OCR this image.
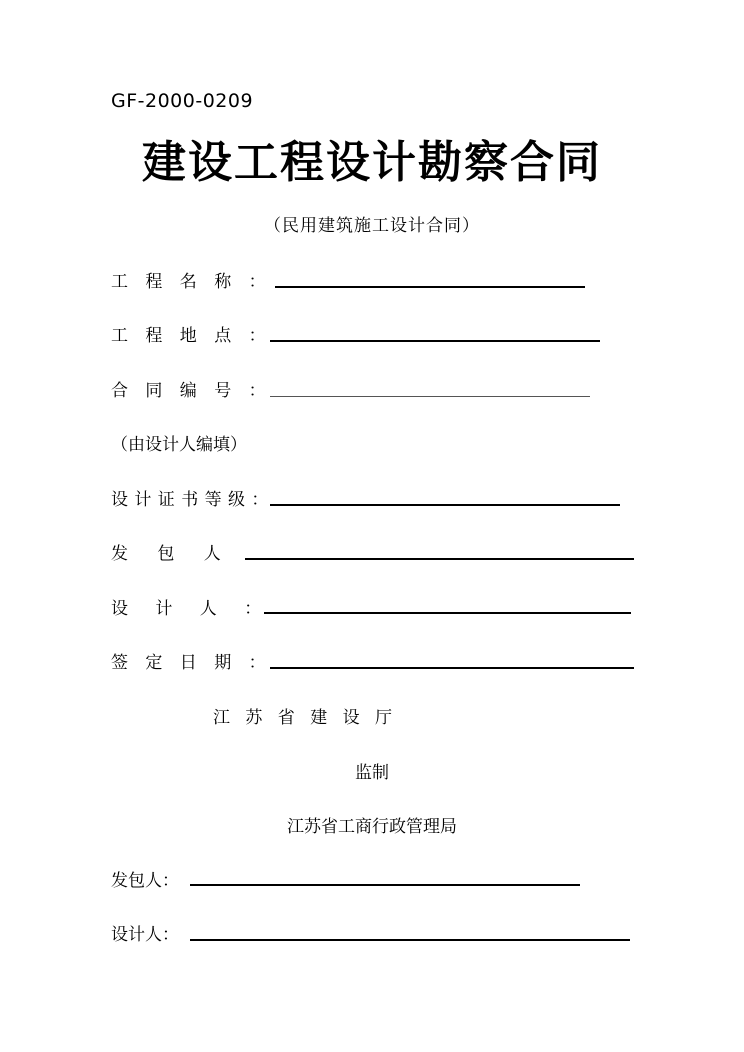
GF-2000-0209
建设工程设计勘察合同
（民用建筑施工设计合同）
工 程 名 称 ：
工 程 地 点 ：
合 同 编 号 ：
（由设计人编填）
设 计 证 书 等 级 ：
发 包 人
设 计 人 ：
签 定 日 期 ：
江 苏 省 建 设 厅
监制
江苏省工商行政管理局
发包人：
设计人：
